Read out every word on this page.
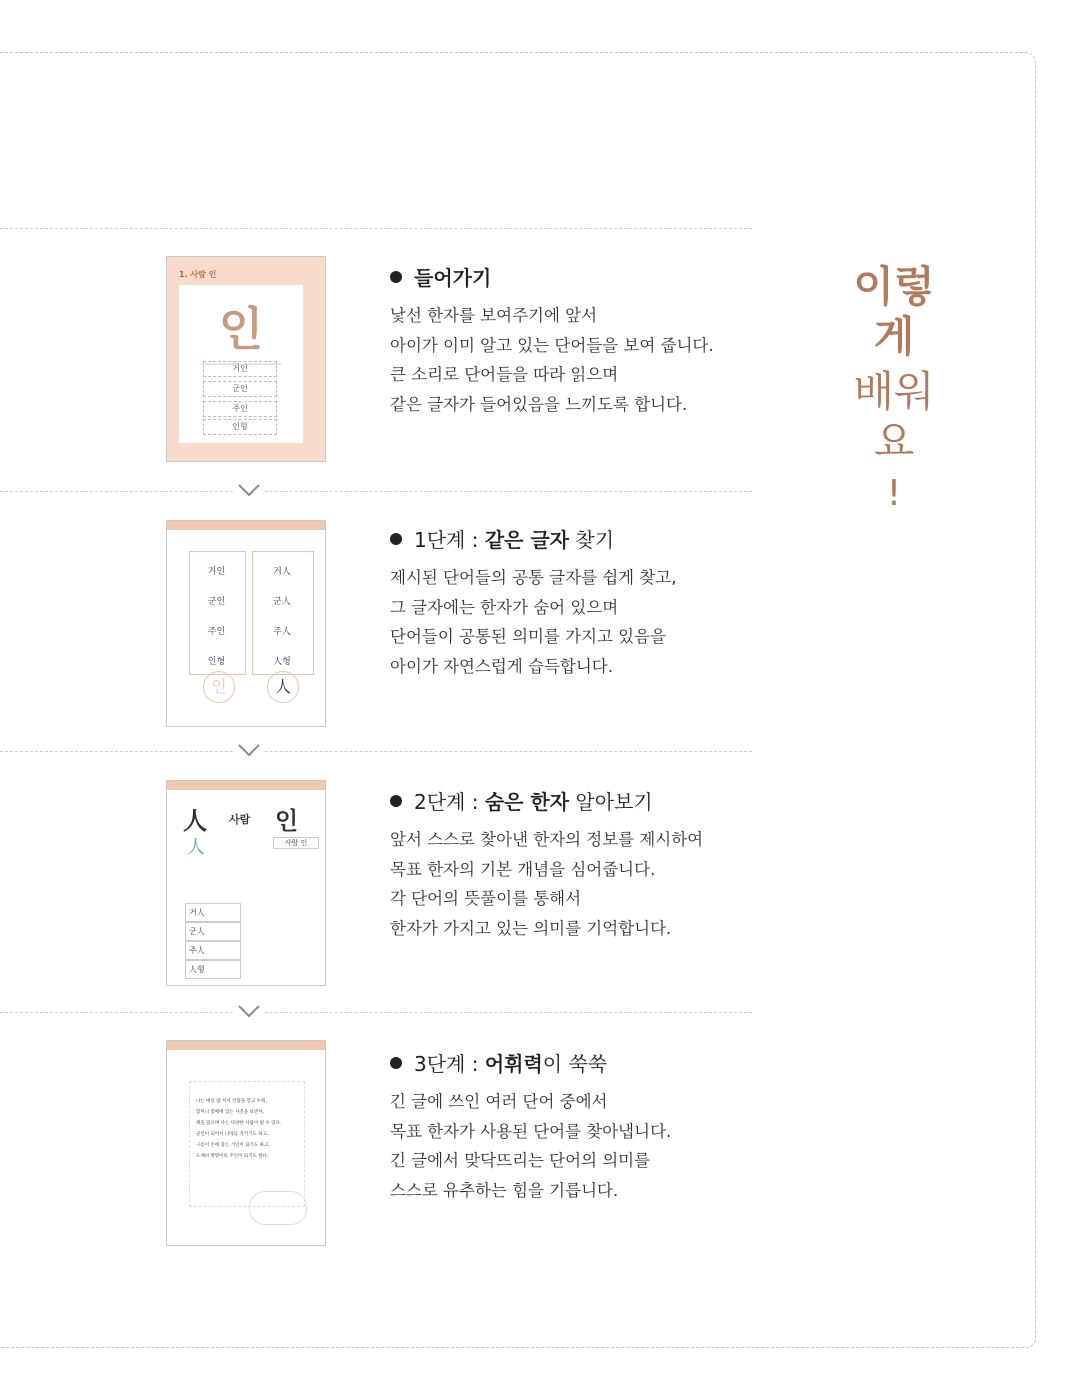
이렇게
배워요
!
1. 사람 인
인
거인
군인
주인
인형
거인
군인
주인
인형
거人
군人
주人
人형
인	人
人 사람 인
人	사람 인
거人
군人
주人
人형
나는 매일 밤 커서 인형을 안고 누워,
할머니 할배에 있는 사진을 보면서,
책을 읽으며 나는 다양한 사람이 될 수 있다.
군인이 되어서 나라를 지키기도 하고,
구름이 손에 닿는 거인이 되기도 하고,
도깨비 방망이의 주인이 되기도 한다.
들어가기

낯선 한자를 보여주기에 앞서

아이가 이미 알고 있는 단어들을 보여 줍니다.

큰 소리로 단어들을 따라 읽으며

같은 글자가 들어있음을 느끼도록 합니다.

1단계 : 같은 글자 찾기

제시된 단어들의 공통 글자를 쉽게 찾고,

그 글자에는 한자가 숨어 있으며

단어들이 공통된 의미를 가지고 있음을

아이가 자연스럽게 습득합니다.

2단계 : 숨은 한자 알아보기

앞서 스스로 찾아낸 한자의 정보를 제시하여

목표 한자의 기본 개념을 심어줍니다.

각 단어의 뜻풀이를 통해서

한자가 가지고 있는 의미를 기억합니다.

3단계 : 어휘력이 쑥쑥

긴 글에 쓰인 여러 단어 중에서

목표 한자가 사용된 단어를 찾아냅니다.

긴 글에서 맞닥뜨리는 단어의 의미를

스스로 유추하는 힘을 기릅니다.
